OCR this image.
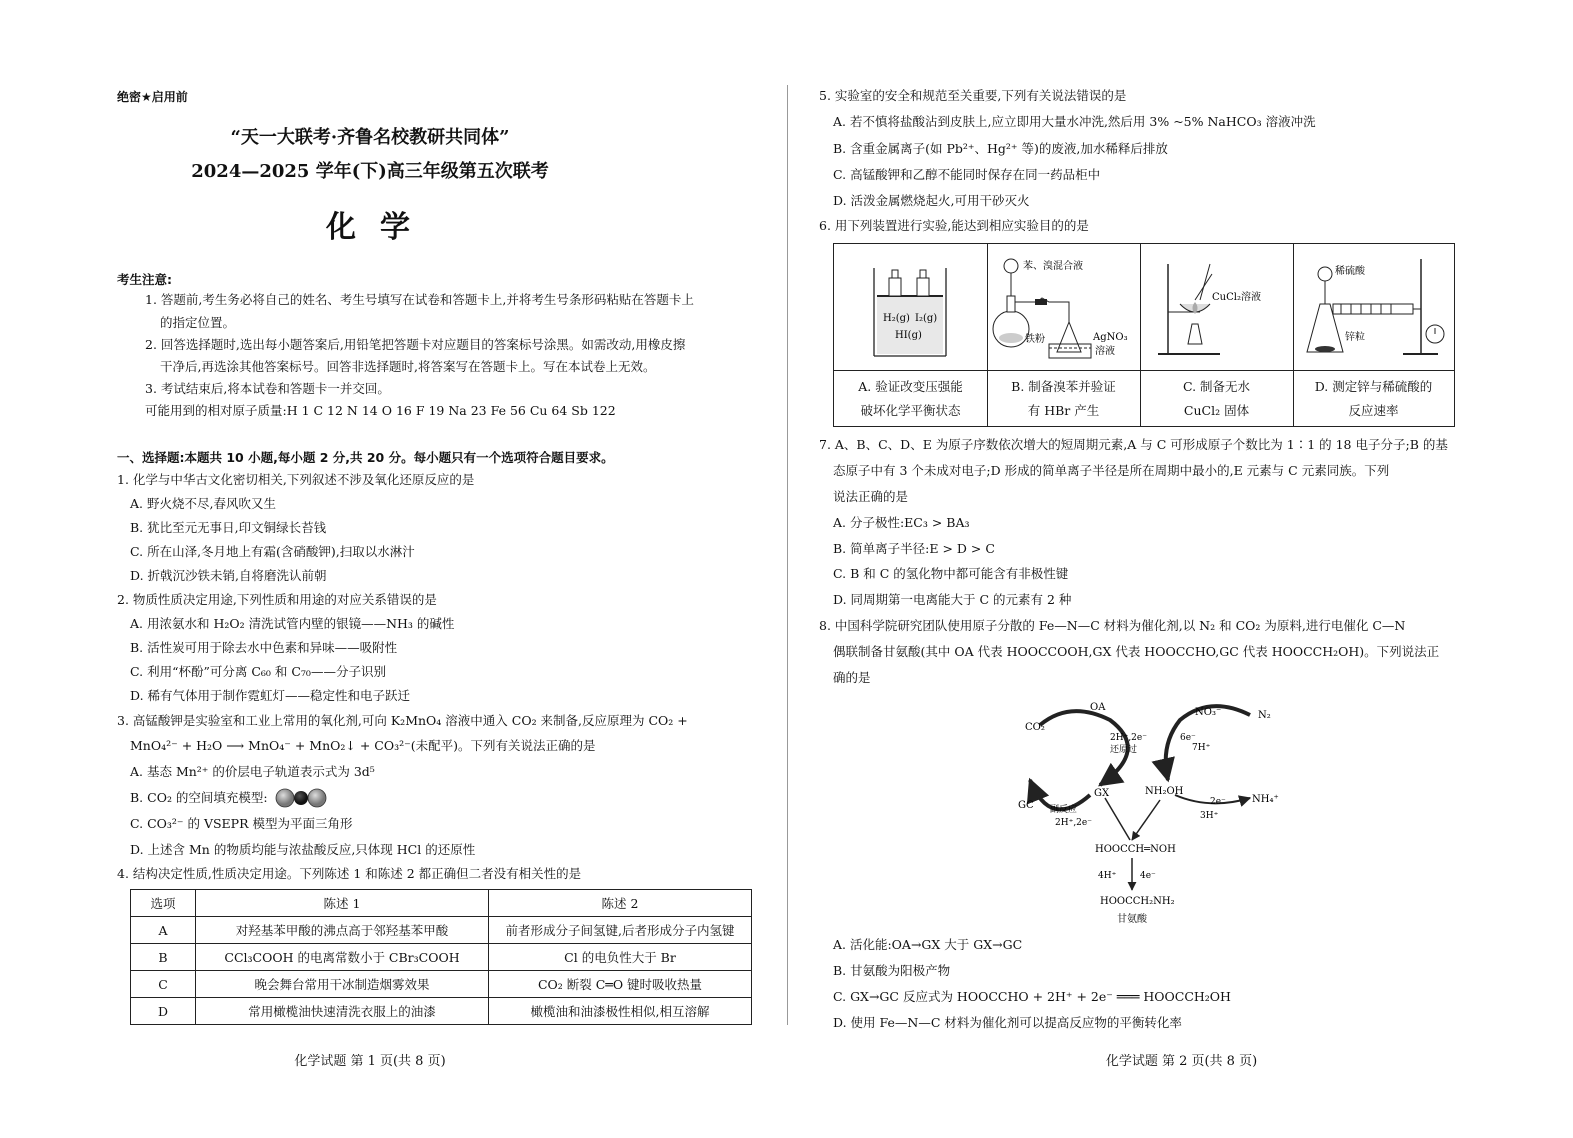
绝密★启用前
“天一大联考·齐鲁名校教研共同体”
2024—2025 学年(下)高三年级第五次联考
化学
考生注意:
1. 答题前,考生务必将自己的姓名、考生号填写在试卷和答题卡上,并将考生号条形码粘贴在答题卡上
的指定位置。
2. 回答选择题时,选出每小题答案后,用铅笔把答题卡对应题目的答案标号涂黑。如需改动,用橡皮擦
干净后,再选涂其他答案标号。回答非选择题时,将答案写在答题卡上。写在本试卷上无效。
3. 考试结束后,将本试卷和答题卡一并交回。
可能用到的相对原子质量:H 1 C 12 N 14 O 16 F 19 Na 23 Fe 56 Cu 64 Sb 122
一、选择题:本题共 10 小题,每小题 2 分,共 20 分。每小题只有一个选项符合题目要求。
1. 化学与中华古文化密切相关,下列叙述不涉及氧化还原反应的是
A. 野火烧不尽,春风吹又生
B. 犹比至元无事日,印文铜绿长苔钱
C. 所在山泽,冬月地上有霜(含硝酸钾),扫取以水淋汁
D. 折戟沉沙铁未销,自将磨洗认前朝
2. 物质性质决定用途,下列性质和用途的对应关系错误的是
A. 用浓氨水和 H₂O₂ 清洗试管内壁的银镜——NH₃ 的碱性
B. 活性炭可用于除去水中色素和异味——吸附性
C. 利用“杯酚”可分离 C₆₀ 和 C₇₀——分子识别
D. 稀有气体用于制作霓虹灯——稳定性和电子跃迁
3. 高锰酸钾是实验室和工业上常用的氧化剂,可向 K₂MnO₄ 溶液中通入 CO₂ 来制备,反应原理为 CO₂ +
MnO₄²⁻ + H₂O ⟶ MnO₄⁻ + MnO₂↓ + CO₃²⁻(未配平)。下列有关说法正确的是
A. 基态 Mn²⁺ 的价层电子轨道表示式为 3d⁵
B. CO₂ 的空间填充模型:
C. CO₃²⁻ 的 VSEPR 模型为平面三角形
D. 上述含 Mn 的物质均能与浓盐酸反应,只体现 HCl 的还原性
4. 结构决定性质,性质决定用途。下列陈述 1 和陈述 2 都正确但二者没有相关性的是
选项	陈述 1	陈述 2
A	对羟基苯甲酸的沸点高于邻羟基苯甲酸	前者形成分子间氢键,后者形成分子内氢键
B	CCl₃COOH 的电离常数小于 CBr₃COOH	Cl 的电负性大于 Br
C	晚会舞台常用干冰制造烟雾效果	CO₂ 断裂 C═O 键时吸收热量
D	常用橄榄油快速清洗衣服上的油漆	橄榄油和油漆极性相似,相互溶解
化学试题 第 1 页(共 8 页)
5. 实验室的安全和规范至关重要,下列有关说法错误的是
A. 若不慎将盐酸沾到皮肤上,应立即用大量水冲洗,然后用 3% ~5% NaHCO₃ 溶液冲洗
B. 含重金属离子(如 Pb²⁺、Hg²⁺ 等)的废液,加水稀释后排放
C. 高锰酸钾和乙醇不能同时保存在同一药品柜中
D. 活泼金属燃烧起火,可用干砂灭火
6. 用下列装置进行实验,能达到相应实验目的的是
H₂(g) I₂(g)
HI(g)
A. 验证改变压强能
破坏化学平衡状态
苯、溴混合液
铁粉	AgNO₃
溶液
B. 制备溴苯并验证
有 HBr 产生
CuCl₂溶液
C. 制备无水
CuCl₂ 固体
稀硫酸
锌粒
D. 测定锌与稀硫酸的
反应速率
7. A、B、C、D、E 为原子序数依次增大的短周期元素,A 与 C 可形成原子个数比为 1∶1 的 18 电子分子;B 的基
态原子中有 3 个未成对电子;D 形成的简单离子半径是所在周期中最小的,E 元素与 C 元素同族。下列
说法正确的是
A. 分子极性:EC₃ > BA₃
B. 简单离子半径:E > D > C
C. B 和 C 的氢化物中都可能含有非极性键
D. 同周期第一电离能大于 C 的元素有 2 种
8. 中国科学院研究团队使用原子分散的 Fe—N—C 材料为催化剂,以 N₂ 和 CO₂ 为原料,进行电催化 C—N
偶联制备甘氨酸(其中 OA 代表 HOOCCOOH,GX 代表 HOOCCHO,GC 代表 HOOCCH₂OH)。下列说法正
确的是
CO₂
OA
2H⁺,2e⁻
还原过
GC
GX
2H⁺,2e⁻
副反应
NO₃⁻	N₂
7H⁺
6e⁻
NH₂OH
NH₄⁺
3H⁺
2e⁻
HOOCCH═NOH
4H⁺	4e⁻
HOOCCH₂NH₂
甘氨酸
A. 活化能:OA→GX 大于 GX→GC
B. 甘氨酸为阳极产物
C. GX→GC 反应式为 HOOCCHO + 2H⁺ + 2e⁻ ═══ HOOCCH₂OH
D. 使用 Fe—N—C 材料为催化剂可以提高反应物的平衡转化率
化学试题 第 2 页(共 8 页)
